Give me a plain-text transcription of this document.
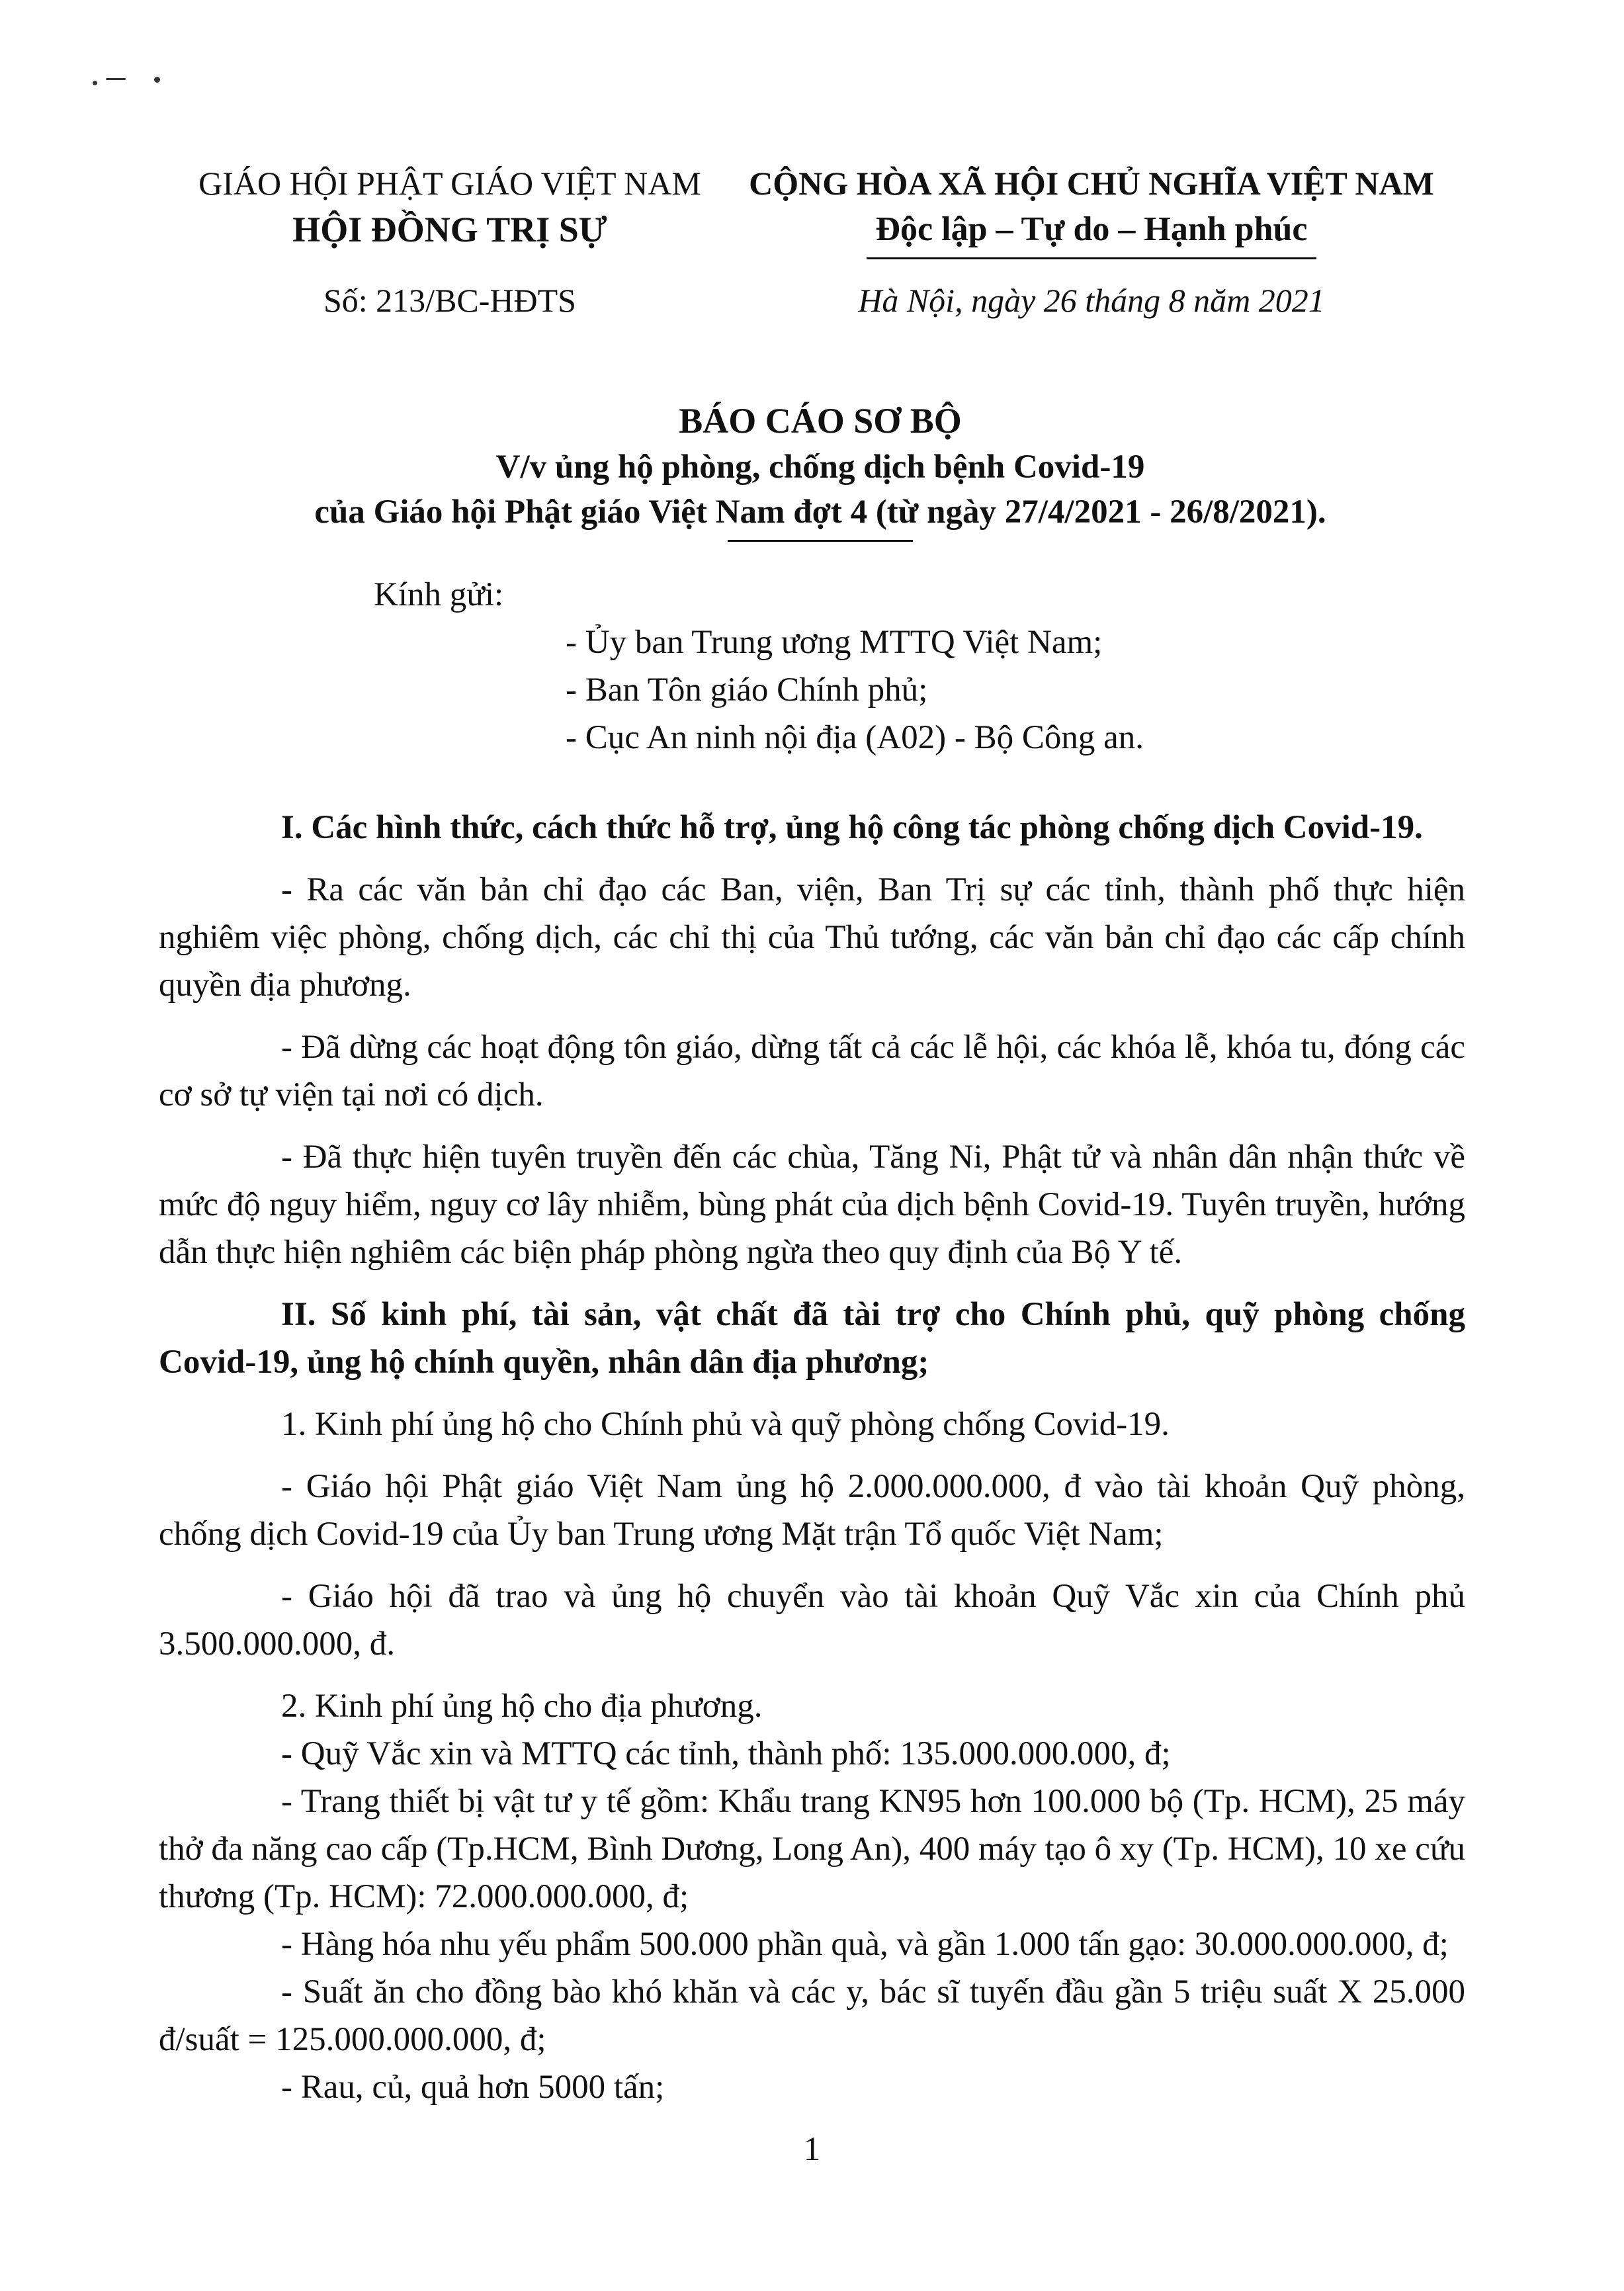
GIÁO HỘI PHẬT GIÁO VIỆT NAM
HỘI ĐỒNG TRỊ SỰ
Số: 213/BC-HĐTS
CỘNG HÒA XÃ HỘI CHỦ NGHĨA VIỆT NAM
Độc lập – Tự do – Hạnh phúc
Hà Nội, ngày 26 tháng 8 năm 2021
BÁO CÁO SƠ BỘ
V/v ủng hộ phòng, chống dịch bệnh Covid-19
của Giáo hội Phật giáo Việt Nam đợt 4 (từ ngày 27/4/2021 - 26/8/2021).
Kính gửi:
- Ủy ban Trung ương MTTQ Việt Nam;
- Ban Tôn giáo Chính phủ;
- Cục An ninh nội địa (A02) - Bộ Công an.
I. Các hình thức, cách thức hỗ trợ, ủng hộ công tác phòng chống dịch Covid-19.

- Ra các văn bản chỉ đạo các Ban, viện, Ban Trị sự các tỉnh, thành phố thực hiện nghiêm việc phòng, chống dịch, các chỉ thị của Thủ tướng, các văn bản chỉ đạo các cấp chính quyền địa phương.

- Đã dừng các hoạt động tôn giáo, dừng tất cả các lễ hội, các khóa lễ, khóa tu, đóng các cơ sở tự viện tại nơi có dịch.

- Đã thực hiện tuyên truyền đến các chùa, Tăng Ni, Phật tử và nhân dân nhận thức về mức độ nguy hiểm, nguy cơ lây nhiễm, bùng phát của dịch bệnh Covid-19. Tuyên truyền, hướng dẫn thực hiện nghiêm các biện pháp phòng ngừa theo quy định của Bộ Y tế.

II. Số kinh phí, tài sản, vật chất đã tài trợ cho Chính phủ, quỹ phòng chống Covid-19, ủng hộ chính quyền, nhân dân địa phương;

1. Kinh phí ủng hộ cho Chính phủ và quỹ phòng chống Covid-19.

- Giáo hội Phật giáo Việt Nam ủng hộ 2.000.000.000, đ vào tài khoản Quỹ phòng, chống dịch Covid-19 của Ủy ban Trung ương Mặt trận Tổ quốc Việt Nam;

- Giáo hội đã trao và ủng hộ chuyển vào tài khoản Quỹ Vắc xin của Chính phủ 3.500.000.000, đ.

2. Kinh phí ủng hộ cho địa phương.

- Quỹ Vắc xin và MTTQ các tỉnh, thành phố: 135.000.000.000, đ;

- Trang thiết bị vật tư y tế gồm: Khẩu trang KN95 hơn 100.000 bộ (Tp. HCM), 25 máy thở đa năng cao cấp (Tp.HCM, Bình Dương, Long An), 400 máy tạo ô xy (Tp. HCM), 10 xe cứu thương (Tp. HCM): 72.000.000.000, đ;

- Hàng hóa nhu yếu phẩm 500.000 phần quà, và gần 1.000 tấn gạo: 30.000.000.000, đ;

- Suất ăn cho đồng bào khó khăn và các y, bác sĩ tuyến đầu gần 5 triệu suất X 25.000 đ/suất = 125.000.000.000, đ;

- Rau, củ, quả hơn 5000 tấn;

1
